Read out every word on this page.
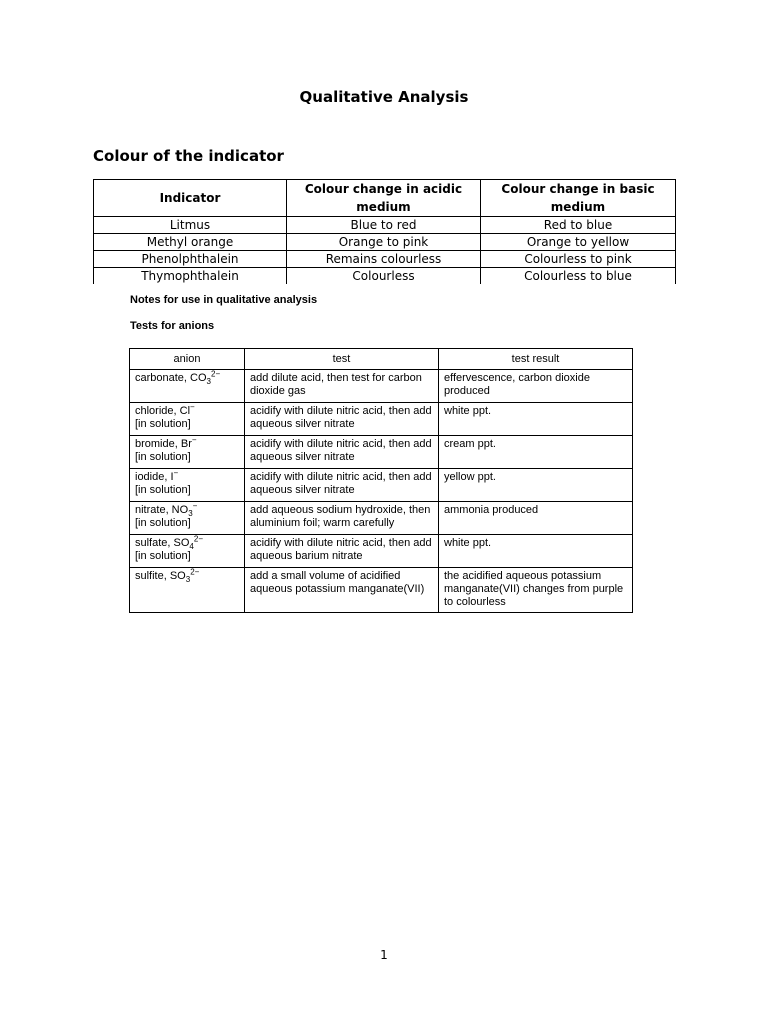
Qualitative Analysis
Colour of the indicator
Indicator	Colour change in acidic medium	Colour change in basic medium
Litmus	Blue to red	Red to blue
Methyl orange	Orange to pink	Orange to yellow
Phenolphthalein	Remains colourless	Colourless to pink
Thymophthalein	Colourless	Colourless to blue
Notes for use in qualitative analysis
Tests for anions
anion	test	test result
carbonate, $CO_3^{2-}$	add dilute acid, then test for carbon dioxide gas	effervescence, carbon dioxide produced
chloride, Cl−
[in solution]	acidify with dilute nitric acid, then add aqueous silver nitrate	white ppt.
bromide, Br−
[in solution]	acidify with dilute nitric acid, then add aqueous silver nitrate	cream ppt.
iodide, I−
[in solution]	acidify with dilute nitric acid, then add aqueous silver nitrate	yellow ppt.
nitrate, $NO_3^-$
[in solution]	add aqueous sodium hydroxide, then aluminium foil; warm carefully	ammonia produced
sulfate, $SO_4^{2-}$
[in solution]	acidify with dilute nitric acid, then add aqueous barium nitrate	white ppt.
sulfite, $SO_3^{2-}$	add a small volume of acidified aqueous potassium manganate(VII)	the acidified aqueous potassium manganate(VII) changes from purple to colourless
1
